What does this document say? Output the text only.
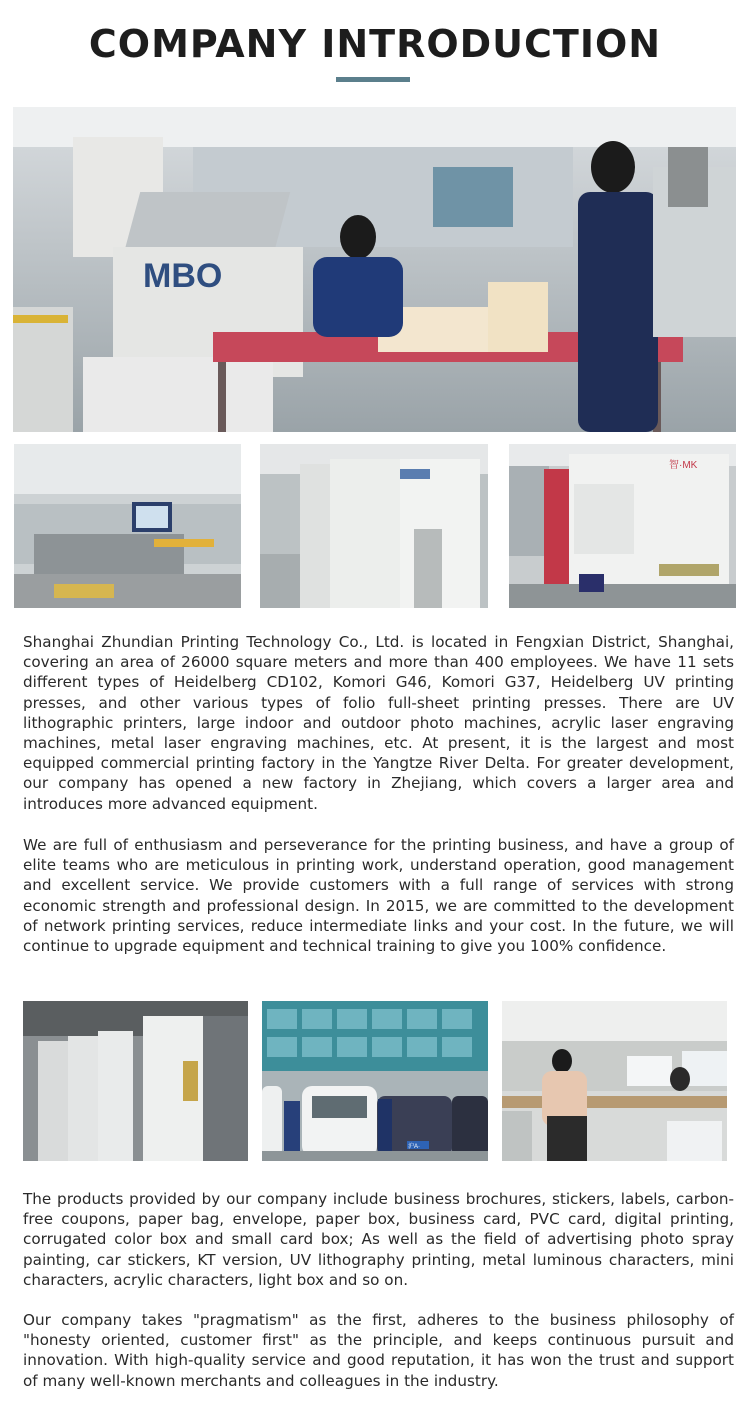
COMPANY INTRODUCTION
MBO
智·MK

Shanghai Zhundian Printing Technology Co., Ltd. is located in Fengxian District, Shanghai, covering an area of 26000 square meters and more than 400 employees. We have 11 sets different types of Heidelberg CD102, Komori G46, Komori G37, Heidelberg UV printing presses, and other various types of folio full-sheet printing presses. There are UV lithographic printers, large indoor and outdoor photo machines, acrylic laser engraving machines, metal laser engraving machines, etc. At present, it is the largest and most equipped commercial printing factory in the Yangtze River Delta. For greater development, our company has opened a new factory in Zhejiang, which covers a larger area and introduces more advanced equipment.

We are full of enthusiasm and perseverance for the printing business, and have a group of elite teams who are meticulous in printing work, understand operation, good management and excellent service. We provide customers with a full range of services with strong economic strength and professional design. In 2015, we are committed to the development of network printing services, reduce intermediate links and your cost. In the future, we will continue to upgrade equipment and technical training to give you 100% confidence.

沪A·

The products provided by our company include business brochures, stickers, labels, carbon-free coupons, paper bag, envelope, paper box, business card, PVC card, digital printing, corrugated color box and small card box; As well as the field of advertising photo spray painting, car stickers, KT version, UV lithography printing, metal luminous characters, mini characters, acrylic characters, light box and so on.

Our company takes "pragmatism" as the first, adheres to the business philosophy of "honesty oriented, customer first" as the principle, and keeps continuous pursuit and innovation. With high-quality service and good reputation, it has won the trust and support of many well-known merchants and colleagues in the industry.
